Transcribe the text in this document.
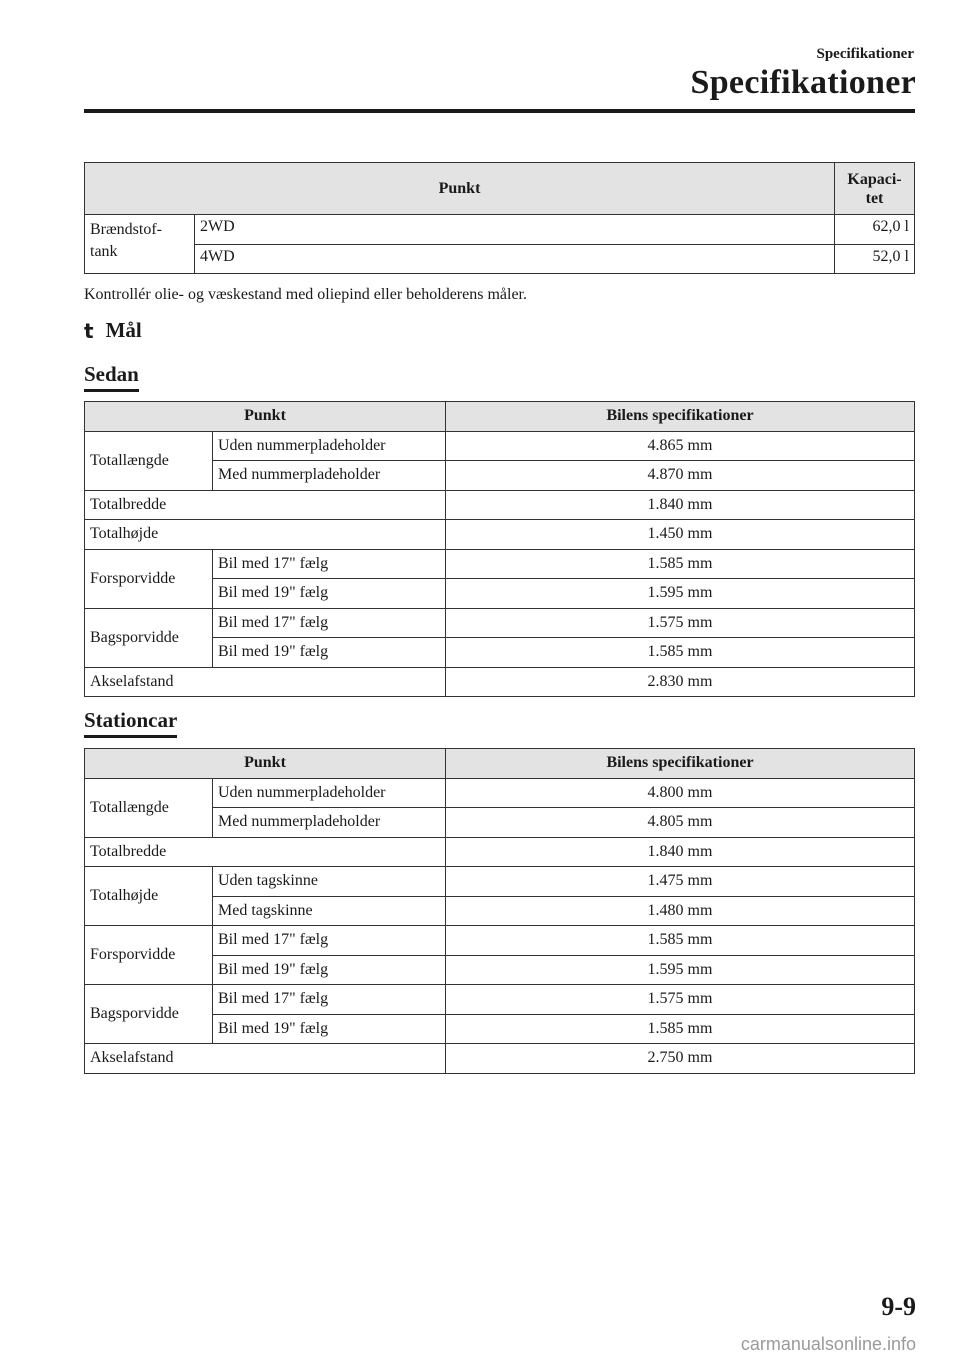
Specifikationer
Specifikationer
Punkt		Kapaci-
tet
Brændstof-
tank	2WD	62,0 l
	4WD	52,0 l
Kontrollér olie- og væskestand med oliepind eller beholderens måler.
t Mål
Sedan
Punkt		Bilens specifikationer
Totallængde	Uden nummerpladeholder	4.865 mm
	Med nummerpladeholder	4.870 mm
Totalbredde		1.840 mm
Totalhøjde		1.450 mm
Forsporvidde	Bil med 17" fælg	1.585 mm
	Bil med 19" fælg	1.595 mm
Bagsporvidde	Bil med 17" fælg	1.575 mm
	Bil med 19" fælg	1.585 mm
Akselafstand		2.830 mm
Stationcar
Punkt		Bilens specifikationer
Totallængde	Uden nummerpladeholder	4.800 mm
	Med nummerpladeholder	4.805 mm
Totalbredde		1.840 mm
Totalhøjde	Uden tagskinne	1.475 mm
	Med tagskinne	1.480 mm
Forsporvidde	Bil med 17" fælg	1.585 mm
	Bil med 19" fælg	1.595 mm
Bagsporvidde	Bil med 17" fælg	1.575 mm
	Bil med 19" fælg	1.585 mm
Akselafstand		2.750 mm
9-9
carmanualsonline.info
